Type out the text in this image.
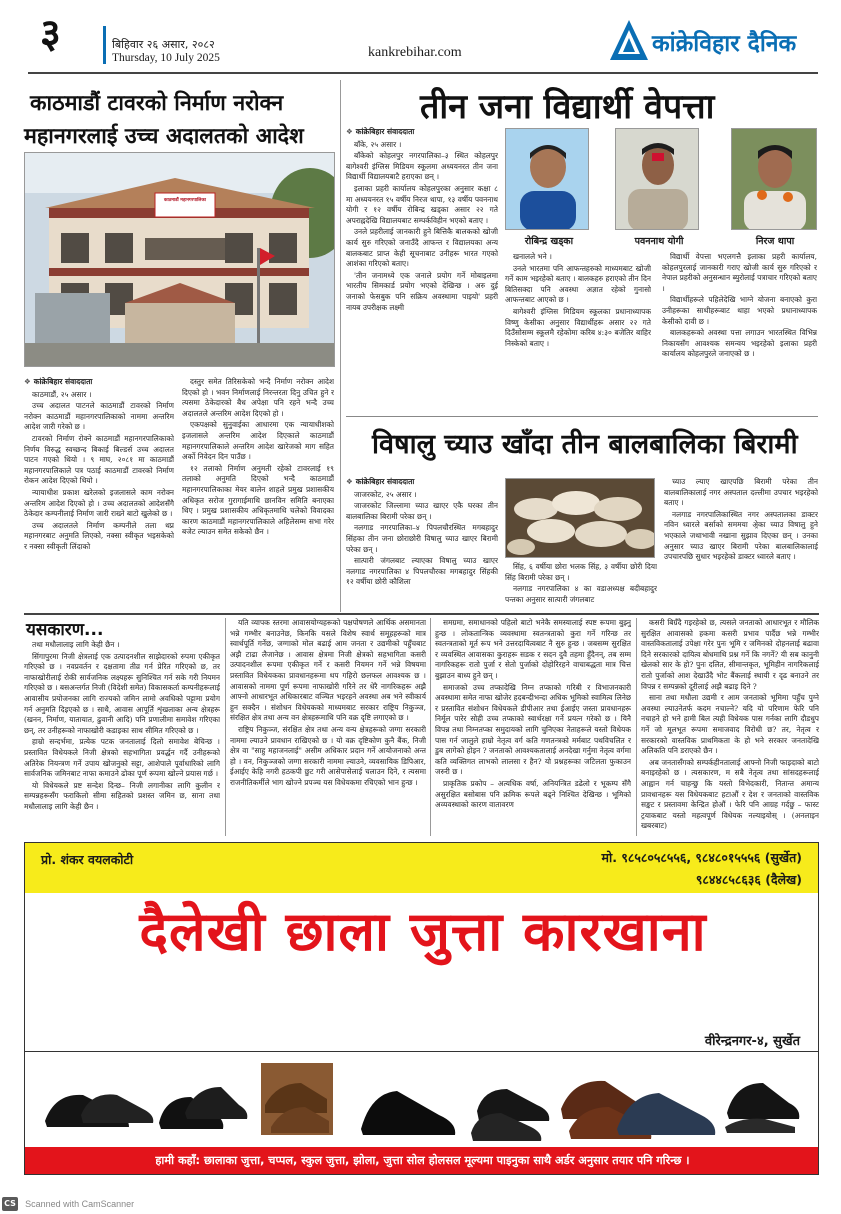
३	बिहिवार २६ असार, २०८२
Thursday, 10 July 2025	kankrebihar.com	कांक्रेविहार दैनिक
काठमाडौं टावरको निर्माण नरोक्न
महानगरलाई उच्च अदालतको आदेश
काठमाडौं महानगरपालिका
❖ कांक्रेबिहार संवाददाता

काठमाडौं, २५ असार ।

उच्च अदालत पाटनले काठमाडौं टावरको निर्माण नरोक्न काठमाडौं महानगरपालिकाको नाममा अन्तरिम आदेश जारी गरेको छ ।

टावरको निर्माण रोक्ने काठमाडौं महानगरपालिकाको निर्णय विरुद्ध स्वच्छन्द बिकाई बिल्डर्स उच्च अदालत पाटन गएको थियो । ९ माघ, २०८१ मा काठमाडौं महानगरपालिकाले पत्र पठाई काठमाडौं टावरको निर्माण रोकन आदेश दिएको थियो ।

न्यायाधीश प्रकाश खरेलको इजलासले काम नरोक्न अन्तरिम आदेश दिएको हो । उच्च अदालतको आदेशसँगै ठेकेदार कम्पनीलाई निर्माण जारी राख्ने बाटो खुलेको छ ।

उच्च अदालतले निर्माण कम्पनीले तला थप्न महानगरबाट अनुमति लिएको, नक्सा स्वीकृत भइसकेको र नक्सा स्वीकृती लिंदाको

दस्तुर समेत तिरिसकेको भन्दै निर्माण नरोक्न आदेश दिएको हो । भवन निर्माणलाई निरन्तरता दिनु उचित हुने र त्यसमा ठेकेदारको बैध अपेक्षा पनि रहने भन्दै उच्च अदालतले अन्तरिम आदेश दिएको हो ।

एकपक्षको सुनुवाईका आधारमा एक न्यायाधीशको इजलासले अन्तरिम आदेश दिएकाले काठमाडौं महानगरपालिकाले अन्तरिम आदेश खारेजको माग सहित अर्को निवेदन दिन पाउँछ ।

१२ तलाको निर्माण अनुमती रहेको टावरलाई १९ तलाको अनुमति दिएको भन्दै काठमाडौं महानगरपालिकाका मेयर बालेन शाहले प्रमुख प्रशासकीय अधिकृत सरोज गुरागाईमाथि छानविन समिति बनाएका थिए । प्रमुख प्रशासकीय अधिकृतमाथि चलेको विवादका कारण काठमाडौं महानगरपालिकाले अहिलेसम्म सभा गरेर बजेट ल्याउन समेत सकेको छैन ।

तीन जना विद्यार्थी वेपत्ता
❖ कांक्रेबिहार संवाददाता

बाँके, २५ असार ।

बाँकेको कोहलपुर नगरपालिका–३ स्थित कोहलपुर बागेश्वरी इंग्लिस मिडियम स्कूलमा अध्ययनरत तीन जना विद्यार्थी विद्यालयबाटै हराएका छन् ।

इलाका प्रहरी कार्यालय कोहलपुरका अनुसार कक्षा ८ मा अध्ययनरत १५ वर्षीय निरज थापा, १३ वर्षीय पवननाथ योगी र १२ वर्षीय रोबिन्द्र खड्का असार २२ गते अपराह्नदेखि विद्यालयबाट सम्पर्कविहीन भएको बताए ।

उनले प्रहरीलाई जानकारी हुने बित्तिकै बालकको खोजी कार्य सुरु गरिएको जनाउँदै आफन्त र विद्यालयका अन्य बालकबाट प्राप्त केही सूचनाबाट उनीहरू भारत गएको आशंका गरिएको बताए।

'तीन जनामध्ये एक जनाले प्रयोग गर्ने मोबाइलमा भारतीय सिमकार्ड प्रयोग भएको देखिन्छ । अरु दुई जनाको फेसबुक पनि सक्रिय अवस्थामा पाइयो' प्रहरी नायब उपरीक्षक लक्ष्मी

रोबिन्द्र खड्का	पवननाथ योगी	निरज थापा

खनालले भने ।

उनले भारतमा पनि आफन्तहरुको माध्यमबाट खोजी गर्ने काम भइरहेको बताए । बालकहरु हराएको तीन दिन बितिसक्दा पनि अवस्था अज्ञात रहेको गुनासो आफन्तबाट आएको छ ।

बागेश्वरी इंग्लिस मिडियम स्कूलका प्रधानाध्यापक विष्णु केसीका अनुसार विद्यार्थीहरू असार २२ गते दिउँसोसम्म स्कूलमै रहेकोमा करिब ४:३० बजेतिर बाहिर निस्केको बताए ।

विद्यार्थी वेपत्ता भएलगत्तै इलाका प्रहरी कार्यालय, कोहलपुरलाई जानकारी गराए खोजी कार्य सुरु गरिएको र नेपाल प्रहरीको अनुसन्धान ब्युरोलाई पत्राचार गरिएको बताए ।

विद्यार्थीहरूले पहिलेदेखि भाग्ने योजना बनाएको कुरा उनीहरूका साथीहरूबाट थाहा भएको प्रधानाध्यापक केसीको दावी छ ।

बालकहरूको अवस्था पत्ता लगाउन भारतस्थित विभिन्न निकायसँग आवश्यक समन्वय भइरहेको इलाका प्रहरी कार्यालय कोहलपुरले जनाएको छ ।

विषालु च्याउ खाँदा तीन बालबालिका बिरामी
❖ कांक्रेबिहार संवाददाता

जाजरकोट, २५ असार ।

जाजरकोट जिल्लामा च्याउ खाएर एकै घरका तीन बालबालिका बिरामी परेका छन् ।

नलगाड नगरपालिका–४ पिपलचौरस्थित मगबहादुर सिंहका तीन जना छोराछोरी विषालु च्याउ खाएर बिरामी परेका छन् ।

सात्पारी जंगलबाट ल्याएका विषालु च्याउ खाएर नलगाड नगरपालिका ४ पिपलचौरका मगबहादुर सिंहकी १२ वर्षीया छोरी कौशिला

सिंह, ६ वर्षीया छोरा भलक सिंह, ३ वर्षीया छोरी दिया सिंह बिरामी परेका छन् ।

नलगाड नगरपालिका ४ का वडाअध्यक्ष बदीबहादुर पन्तका अनुसार सात्पारी जंगलबाट

च्याउ ल्याए खाएपछि बिरामी परेका तीन बालबालिकालाई नगर अस्पताल दल्लीमा उपचार भइरहेको बताए ।

नलगाड नगरपालिकास्थित नगर अस्पतालका डाक्टर नविन ध्वारले बर्साको सममया अ्रेका च्याउ विषालु हुने भएकाले जथाभावी नखाना सुझाव दिएका छन् । उनका अनुसार च्याउ खाएर बिरामी परेका बालबालिकालाई उपचारपछि सुधार भइरहेको डाक्टर ध्वारले बताए ।

यसकारण...

तथा मधौलालाइ लागि केही छैन ।

सिंगापुरमा निजी क्षेत्रलाई एक उत्पादनशील साझेदारको रुपमा एकीकृत गरिएको छ । नवप्रवर्तन र दक्षतामा तीव्र गर्न प्रेरित गरिएको छ, तर नाफाखोरीलाई रोकी सार्वजनिक लक्ष्यहरू सुनिश्चित गर्न सके गरी नियमन गरिएको छ । बसअन्तर्गत निजी (विदेशी समेत) विकासकर्ता कम्पनीहरूलाई आवासीय प्रयोजनका लागि राज्यको जमिन लामो अवधिको पट्टामा प्रयोग गर्न अनुमति दिइएको छ । साथै, आवास आपूर्ति शृंखलाका अन्य क्षेत्रहरू (खनन, निर्माण, यातायात, ढुवानी आदि) पनि प्रणालीमा समावेश गरिएका छन्, तर उनीहरूको नाफाखोरी कडाइका साथ सीमित गरिएको छ ।

हाम्रो सन्दर्भमा, प्रत्येक पटक जनतालाई दिलो समावेश बेचिन्छ । प्रस्तावित विधेयकले निजी क्षेत्रको सहभागिता प्रवर्द्धन गर्दै उनीहरूको अतिरेक नियन्त्रण गर्ने उपाय खोजनुको सट्टा, आशेपाले पूर्वाधारिको लागि सार्वजनिक जमिनबाट नाफा कमाउने ढोका पूर्ण रूपमा खोल्ने प्रयास गर्छ ।

यो विधेयकले प्रष्ट सन्देश दिन्छ– निजी लगानीका लागि कुलीन र सम्पन्नहरूसँग फराकिलो सीमा सहितको प्रशस्त जमिन छ, साना तथा मधौलालाइ लागि केही छैन ।

यति व्यापक स्तरमा आवासयोग्यहरूको पक्षपोषणले आर्थिक असमानता भन्ने गम्भीर बनाउनेछ, किनकि यसले विशेष स्वार्थ समूहहरूको मात्र स्वार्थपूर्ति गर्नेछ, जग्गाको मोल बढाई आम जनता र उद्यमीको पहुँचबाट अझै टाढा लैजानेछ । आवास क्षेत्रमा निजी क्षेत्रको सहभागिता कसरी उत्पादनशील रूपमा एकीकृत गर्ने र कसरी नियमन गर्ने भन्ने विषयमा प्रस्तावित विधेयकका प्रावधानहरूमा थप गहिरो छलफल आवश्यक छ । आवासको नाममा पूर्ण रूपमा नाफाखोरी गरिने तर धेरै नागरिकहरू अझै आफ्नो आधारभूत अधिकारबाट वञ्चित भइरहने अवस्था अब भने स्वीकार्य हुन सक्दैन । संशोधन विधेयकको माध्यमबाट सरकार राष्ट्रिय निकुञ्ज, संरक्षित क्षेत्र तथा अन्य वन क्षेत्रहरूमाथि पनि वक्र दृष्टि लगाएको छ ।

राष्ट्रिय निकुञ्ज, संरक्षित क्षेत्र तथा अन्य वन्य क्षेत्रहरूको जग्गा सरकारी नाममा ल्याउने प्रावधान राखिएको छ । यो वक्र दृष्टिकोण कुनै बैंक, निजी क्षेत्र वा "साहु महाजनलाई" असीम अधिकार प्रदान गर्ने आयोजनाको अन्त हो । वन, निकुञ्जको जग्गा सरकारी नाममा ल्याउने, व्यवसायिक डिपिआर, ईआईए केहि नगरी हठकपी छुट गरी आसेपासेलाई चलाउन दिने, र त्यसमा राजनीतिकर्मीले भाग खोज्ने प्रपञ्च यस विधेयकमा रचिएको भान हुन्छ ।

समग्रमा, समाधानको पहिलो बाटो भनेकै समस्यालाई स्पष्ट रूपमा बुझ्नु हुन्छ । लोकतान्त्रिक व्यवस्थामा स्वतन्त्रताको कुरा गर्ने गरिन्छ तर स्वतन्त्रताको मूर्त रूप भने उत्तरदायित्वबाट नै सुरु हुन्छ । जबसम्म सुरक्षित र व्यवस्थित आवासका कुराहरू सडक र सदन दुवै तहमा हुँदैनन्, तब सम्म नागरिकहरू रातो पुर्जा र सेतो पुर्जाको दोहोरिरहने वाचाबद्धता मात्र चित्त बुझाउन बाध्य हुने छन् ।

समाजको उच्च तप्कादेखि निम्न तप्काको गरिबी र विभाजनकारी अवस्थामा समेत नाफा खोजेर हदबन्दीभन्दा अधिक भूमिको स्वामित्व लिनेछ र प्रस्तावित संशोधन विधेयकले डीपीआर तथा ईआईए जस्ता प्रावधानहरू निर्मूल पारेर सोही उच्च तप्काको स्वार्थरक्षा गर्ने प्रयत्न गरेको छ । यिनै विपन्न तथा निम्नतप्का समुदायको लागि चुनिएका नेताहरूले यस्तो विधेयक पास गर्न जालुले हाम्रो नेतृत्व वर्ग कति गणतन्त्रको मर्मबाट पथविचलित र डुब लागेको होइन ? जनताको आवश्यकतालाई अनदेखा गर्नुमा नेतृत्व वर्गमा कति व्यक्तिगत लाभको लालसा र हैन? यो प्रश्नहरूका जटिलता फुकाउन जरुरी छ ।

प्राकृतिक प्रकोप – अत्यधिक वर्षा, अनियन्त्रित डढेलो र भूकम्प सँगै असुरक्षित बसोबास पनि क्रमिक रूपले बढ्ने निश्चित देखिन्छ । भूमिको अव्यवस्थाको कारण वातावरण

कसरी बिग्रँदै गइरहेको छ, त्यसले जनताको आधारभूत र मौलिक सुरक्षित आवासको हकमा कसरी प्रभाव पार्दैछ भन्ने गम्भीर वास्तविकतालाई उपेक्षा गरेर पुनः भूमि र जमिनको दोहनलाई बढावा दिने सरकारको दायित्व बोधमाथि प्रश्न गर्ने कि नगर्ने? यी सब कानुनी खेलको सार के हो? पुनः दलित, सीमान्तकृत, भूमिहीन नागरिकलाई रातो पुर्जाको आश देखाउँदै भोट बैंकलाई स्थायी र दृढ बनाउने तर विपन्न र सम्पन्नको दूरीलाई अझै बढाइ दिने ?

साना तथा मधौला उद्यमी र आम जनताको भूमिमा पहुँच पुग्ने अवस्था ल्याउनेतर्फ कदम नचाल्ने? यदि यो परिणाम फेरि पनि नचाहने हो भने हामी बिल त्यही विधेयक पास गर्नका लागि दौडधुप गर्ने जो मूलभूत रूपमा समाजवाद विरोधी छ? तर, नेतृत्व र सरकारको वास्तविक प्राथमिकता के हो भने सरकार जनतादेखि अलिकति पनि डराएको छैन ।

अब जनतासँगको सम्पर्कहीनतालाई आफ्नो निजी फाइदाको बाटो बनाइरहेको छ । त्यसकारण, म सबै नेतृत्व तथा सांसदहरूलाई आह्वान गर्न चाहन्छु कि यस्तो विभेदकारी, नितान्त अमान्य प्रावधानहरू यस विधेयकबाट हटाऔं र देश र जनताको वास्तविक सङ्कट र प्रस्तावमा केन्द्रित होऔं । फेरि पनि आग्रह गर्दछु – फास्ट ट्रयाकबाट यस्तो महत्वपूर्ण विधेयक नल्याइयोस् । (अनलाइन खबरबाट)

प्रो. शंकर वयलकोटी	मो. ९८५८०५८५५६, ९८४८०१५५५६ (सुर्खेत)
९८४४८५८६३६ (दैलेख)
दैलेखी छाला जुत्ता कारखाना
वीरेन्द्रनगर-४, सुर्खेत
हामी कहाँ: छालाका जुत्ता, चप्पल, स्कुल जुत्ता, झोला, जुत्ता सोल होलसल मूल्यमा पाइनुका साथै अर्डर अनुसार तयार पनि गरिन्छ ।
CS Scanned with CamScanner
